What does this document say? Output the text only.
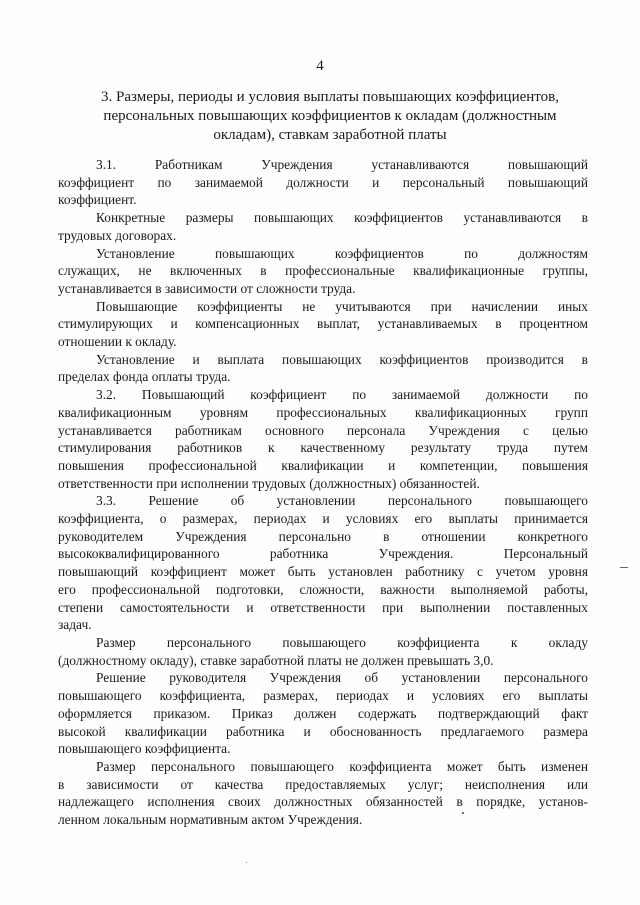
4
3. Размеры, периоды и условия выплаты повышающих коэффициентов,
персональных повышающих коэффициентов к окладам (должностным
окладам), ставкам заработной платы
3.1. Работникам Учреждения устанавливаются повышающий
коэффициент по занимаемой должности и персональный повышающий
коэффициент.
Конкретные размеры повышающих коэффициентов устанавливаются в
трудовых договорах.
Установление повышающих коэффициентов по должностям
служащих, не включенных в профессиональные квалификационные группы,
устанавливается в зависимости от сложности труда.
Повышающие коэффициенты не учитываются при начислении иных
стимулирующих и компенсационных выплат, устанавливаемых в процентном
отношении к окладу.
Установление и выплата повышающих коэффициентов производится в
пределах фонда оплаты труда.
3.2. Повышающий коэффициент по занимаемой должности по
квалификационным уровням профессиональных квалификационных групп
устанавливается работникам основного персонала Учреждения с целью
стимулирования работников к качественному результату труда путем
повышения профессиональной квалификации и компетенции, повышения
ответственности при исполнении трудовых (должностных) обязанностей.
3.3. Решение об установлении персонального повышающего
коэффициента, о размерах, периодах и условиях его выплаты принимается
руководителем Учреждения персонально в отношении конкретного
высококвалифицированного работника Учреждения. Персональный
повышающий коэффициент может быть установлен работнику с учетом уровня
его профессиональной подготовки, сложности, важности выполняемой работы,
степени самостоятельности и ответственности при выполнении поставленных
задач.
Размер персонального повышающего коэффициента к окладу
(должностному окладу), ставке заработной платы не должен превышать 3,0.
Решение руководителя Учреждения об установлении персонального
повышающего коэффициента, размерах, периодах и условиях его выплаты
оформляется приказом. Приказ должен содержать подтверждающий факт
высокой квалификации работника и обоснованность предлагаемого размера
повышающего коэффициента.
Размер персонального повышающего коэффициента может быть изменен
в зависимости от качества предоставляемых услуг; неисполнения или
надлежащего исполнения своих должностных обязанностей в порядке, установ-
ленном локальным нормативным актом Учреждения.
